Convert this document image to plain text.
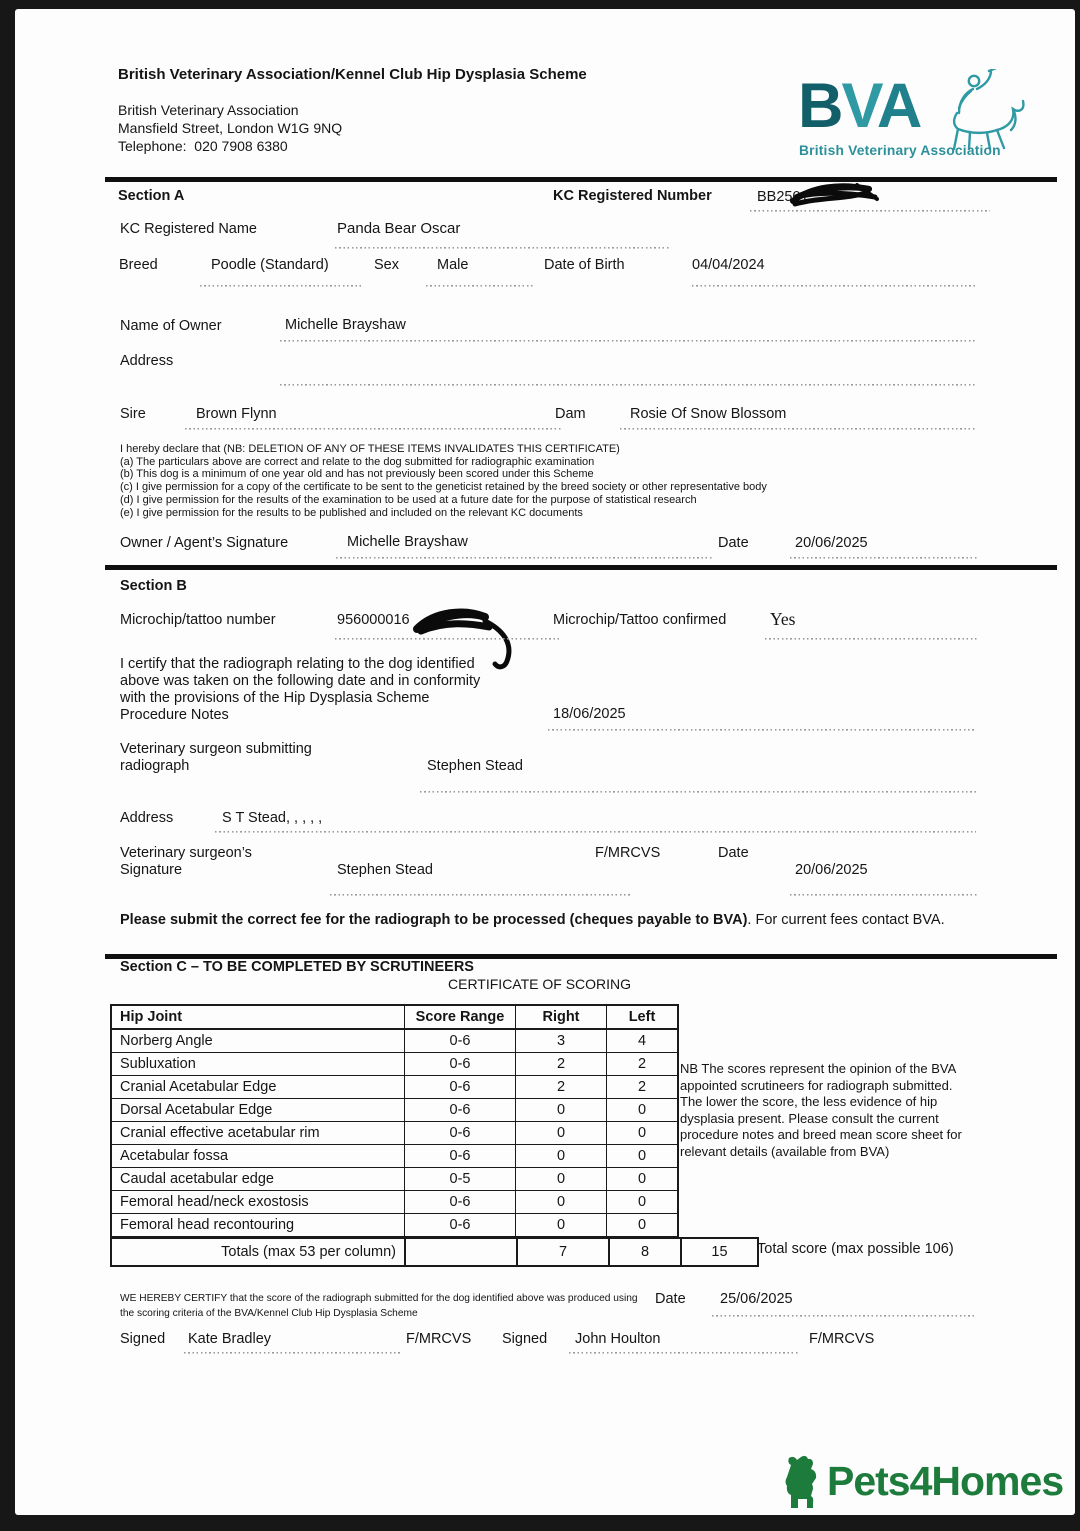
British Veterinary Association/Kennel Club Hip Dysplasia Scheme
British Veterinary Association
Mansfield Street, London W1G 9NQ
Telephone:  020 7908 6380
BVA
British Veterinary Association
Section A	KC Registered Number	BB2501
KC Registered Name	Panda Bear Oscar
Breed	Poodle (Standard)	Sex	Male	Date of Birth	04/04/2024
Name of Owner	Michelle Brayshaw
Address
Sire	Brown Flynn	Dam	Rosie Of Snow Blossom
I hereby declare that (NB: DELETION OF ANY OF THESE ITEMS INVALIDATES THIS CERTIFICATE)
(a) The particulars above are correct and relate to the dog submitted for radiographic examination
(b) This dog is a minimum of one year old and has not previously been scored under this Scheme
(c) I give permission for a copy of the certificate to be sent to the geneticist retained by the breed society or other representative body
(d) I give permission for the results of the examination to be used at a future date for the purpose of statistical research
(e) I give permission for the results to be published and included on the relevant KC documents
Owner / Agent’s Signature	Michelle Brayshaw	Date	20/06/2025
Section B
Microchip/tattoo number	956000016	Microchip/Tattoo confirmed Yes
I certify that the radiograph relating to the dog identified
above was taken on the following date and in conformity
with the provisions of the Hip Dysplasia Scheme
Procedure Notes	18/06/2025
Veterinary surgeon submitting
radiograph	Stephen Stead
Address	S T Stead, , , , ,
Veterinary surgeon’s
Signature	Stephen Stead
F/MRCVS	Date
20/06/2025
Please submit the correct fee for the radiograph to be processed (cheques payable to BVA). For current fees contact BVA.
Section C – TO BE COMPLETED BY SCRUTINEERS
CERTIFICATE OF SCORING
Hip Joint	Score Range	Right	Left
Norberg Angle	0-6	3	4
Subluxation	0-6	2	2
Cranial Acetabular Edge	0-6	2	2
Dorsal Acetabular Edge	0-6	0	0
Cranial effective acetabular rim	0-6	0	0
Acetabular fossa	0-6	0	0
Caudal acetabular edge	0-5	0	0
Femoral head/neck exostosis	0-6	0	0
Femoral head recontouring	0-6	0	0
Totals (max 53 per column)		7	8	15 Total score (max possible 106)
NB The scores represent the opinion of the BVA appointed scrutineers for radiograph submitted. The lower the score, the less evidence of hip dysplasia present. Please consult the current procedure notes and breed mean score sheet for relevant details (available from BVA)
WE HEREBY CERTIFY that the score of the radiograph submitted for the dog identified above was produced using
the scoring criteria of the BVA/Kennel Club Hip Dysplasia Scheme
Date 25/06/2025
Signed Kate Bradley	F/MRCVS Signed John Houlton	F/MRCVS
Pets4Homes
